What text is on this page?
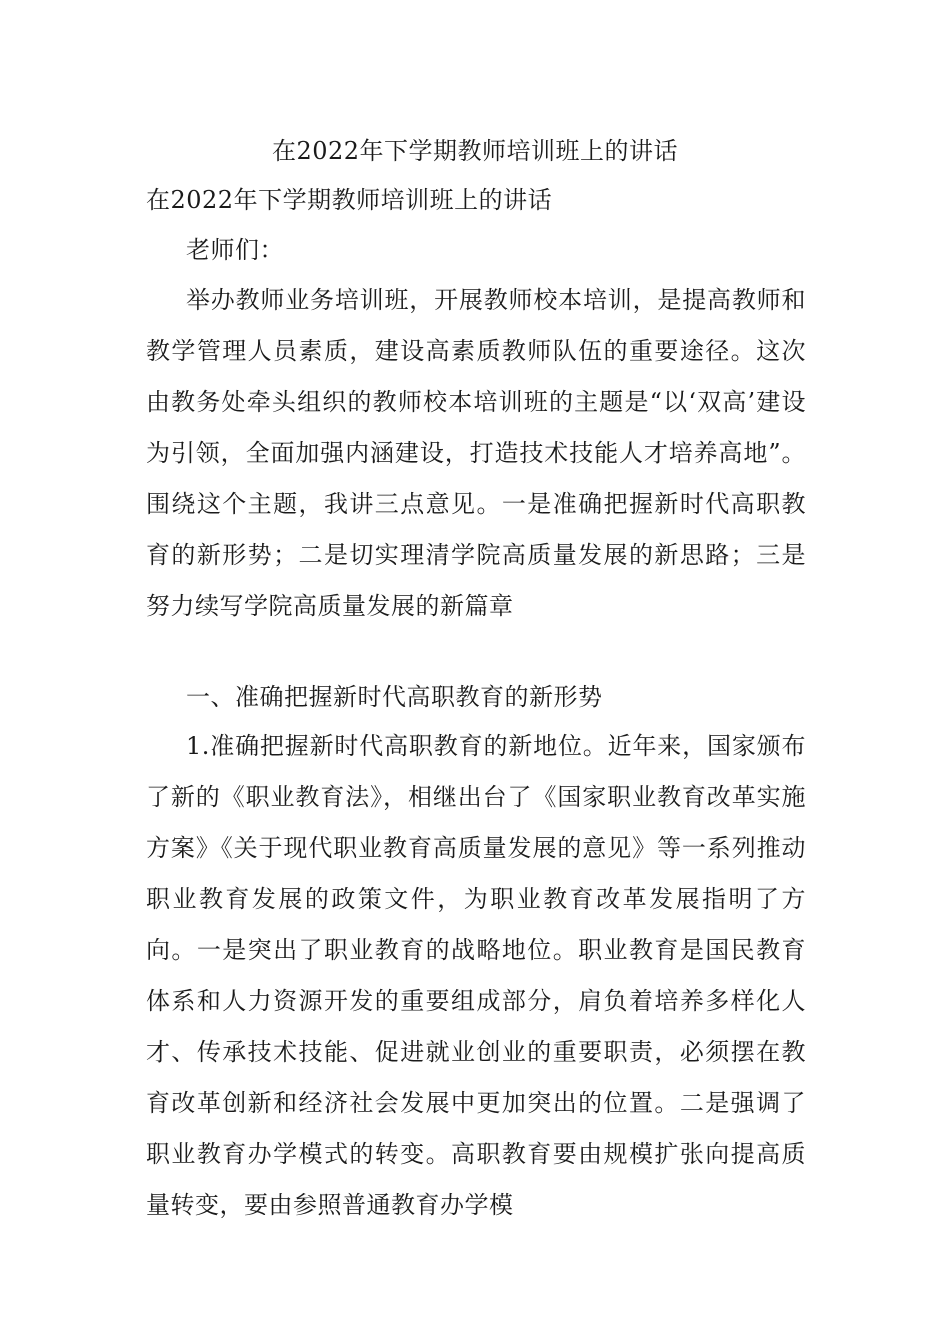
在2022年下学期教师培训班上的讲话
在2022年下学期教师培训班上的讲话
老师们：

举办教师业务培训班，开展教师校本培训，是提高教师和教学管理人员素质，建设高素质教师队伍的重要途径。这次由教务处牵头组织的教师校本培训班的主题是“以‘双高’建设为引领，全面加强内涵建设，打造技术技能人才培养高地”。围绕这个主题，我讲三点意见。一是准确把握新时代高职教育的新形势；二是切实理清学院高质量发展的新思路；三是努力续写学院高质量发展的新篇章

一、准确把握新时代高职教育的新形势

1.准确把握新时代高职教育的新地位。近年来，国家颁布了新的《职业教育法》，相继出台了《国家职业教育改革实施方案》《关于现代职业教育高质量发展的意见》等一系列推动职业教育发展的政策文件，为职业教育改革发展指明了方向。一是突出了职业教育的战略地位。职业教育是国民教育体系和人力资源开发的重要组成部分，肩负着培养多样化人才、传承技术技能、促进就业创业的重要职责，必须摆在教育改革创新和经济社会发展中更加突出的位置。二是强调了职业教育办学模式的转变。高职教育要由规模扩张向提高质量转变，要由参照普通教育办学模
